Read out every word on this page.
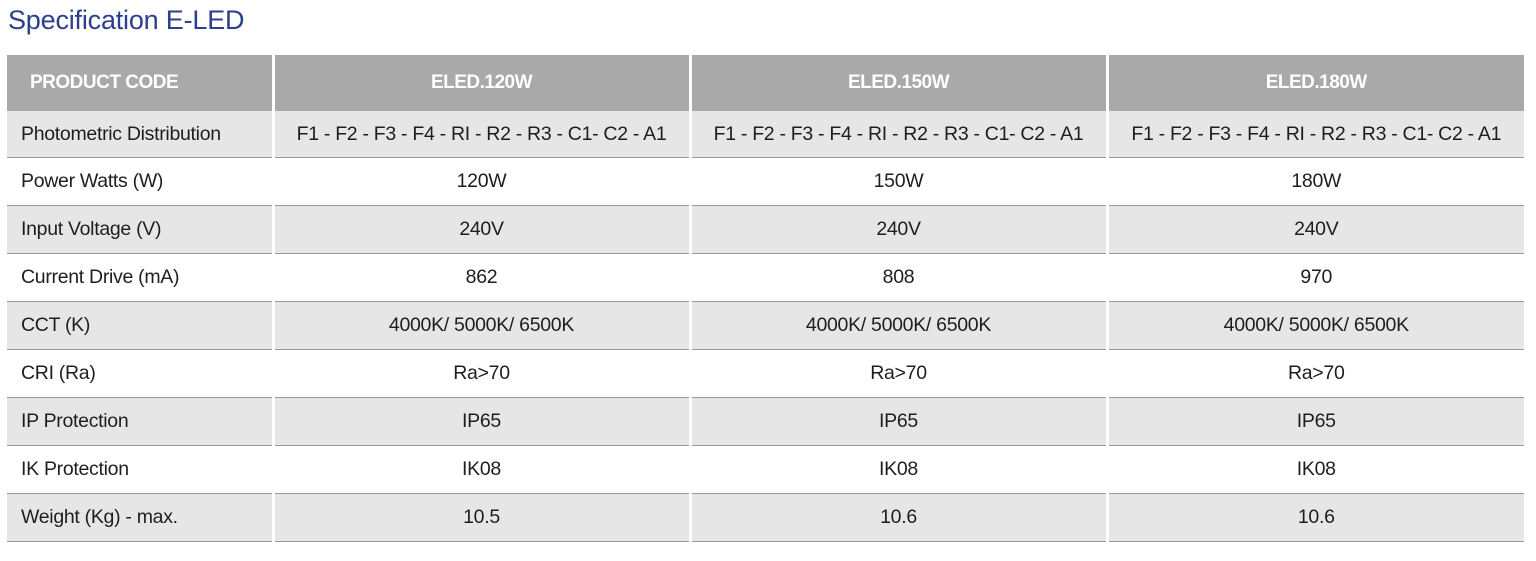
Specification E-LED
PRODUCT CODE	ELED.120W	ELED.150W	ELED.180W
Photometric Distribution	F1 - F2 - F3 - F4 - RI - R2 - R3 - C1- C2 - A1	F1 - F2 - F3 - F4 - RI - R2 - R3 - C1- C2 - A1	F1 - F2 - F3 - F4 - RI - R2 - R3 - C1- C2 - A1
Power Watts (W)	120W	150W	180W
Input Voltage (V)	240V	240V	240V
Current Drive (mA)	862	808	970
CCT (K)	4000K/ 5000K/ 6500K	4000K/ 5000K/ 6500K	4000K/ 5000K/ 6500K
CRI (Ra)	Ra>70	Ra>70	Ra>70
IP Protection	IP65	IP65	IP65
IK Protection	IK08	IK08	IK08
Weight (Kg) - max.	10.5	10.6	10.6
